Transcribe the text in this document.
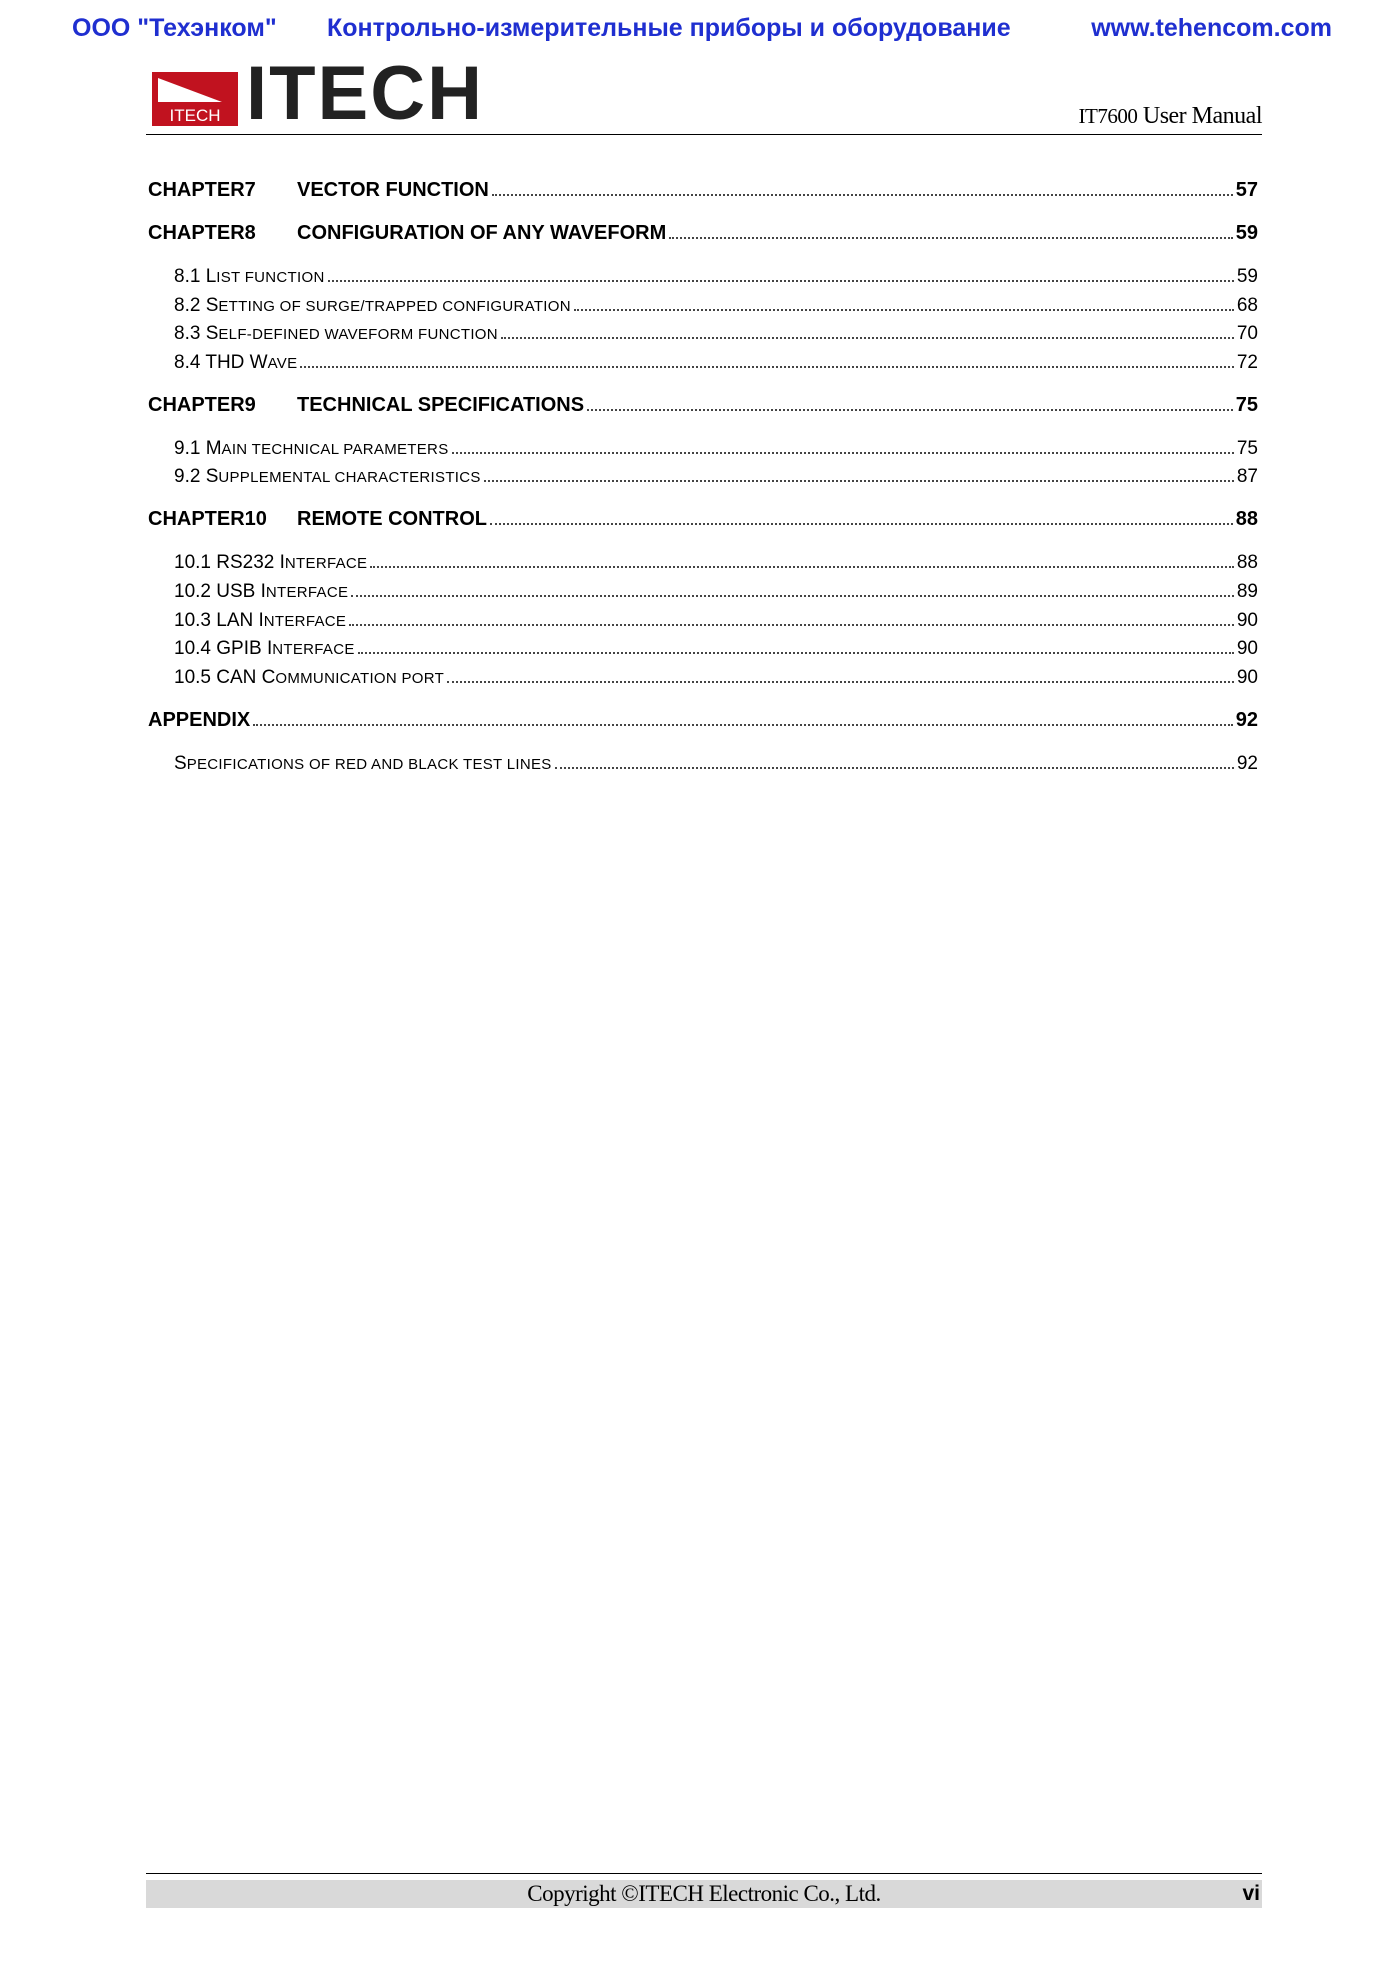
ООО "Техэнком" Контрольно-измерительные приборы и оборудование	www.tehencom.com
ITECH ITECH	IT7600 User Manual
CHAPTER7	VECTOR FUNCTION	57
CHAPTER8	CONFIGURATION OF ANY WAVEFORM	59
8.1 L IST FUNCTION	59
8.2 S ETTING OF SURGE/TRAPPED CONFIGURATION	68
8.3 S ELF-DEFINED WAVEFORM FUNCTION	70
8.4 THD W AVE	72
CHAPTER9	TECHNICAL SPECIFICATIONS	75
9.1 M AIN TECHNICAL PARAMETERS	75
9.2 S UPPLEMENTAL CHARACTERISTICS	87
CHAPTER10	REMOTE CONTROL	88
10.1 RS232 I NTERFACE	88
10.2 USB I NTERFACE	89
10.3 LAN I NTERFACE	90
10.4 GPIB I NTERFACE	90
10.5 CAN C OMMUNICATION PORT	90
APPENDIX	92
S PECIFICATIONS OF RED AND BLACK TEST LINES	92
Copyright ©ITECH Electronic Co., Ltd.	vi
